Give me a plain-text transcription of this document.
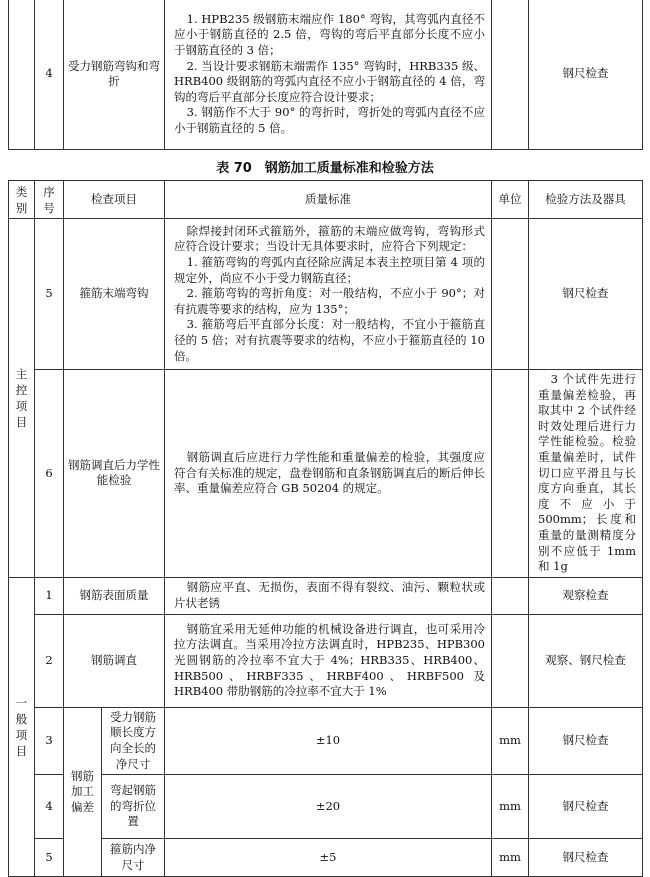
	4	受力钢筋弯钩和弯折	
1. HPB235 级钢筋末端应作 180° 弯钩，其弯弧内直径不应小于钢筋直径的 2.5 倍，弯钩的弯后平直部分长度不应小于钢筋直径的 3 倍；
2. 当设计要求钢筋末端需作 135° 弯钩时，HRB335 级、HRB400 级钢筋的弯弧内直径不应小于钢筋直径的 4 倍，弯钩的弯后平直部分长度应符合设计要求；
3. 钢筋作不大于 90° 的弯折时，弯折处的弯弧内直径不应小于钢筋直径的 5 倍。
		钢尺检查
表 70　钢筋加工质量标准和检验方法
类别	序号	检查项目		质量标准	单位	检验方法及器具

主控项目	5	箍筋末端弯钩		除焊接封闭环式箍筋外，箍筋的末端应做弯钩，弯钩形式应符合设计要求；当设计无具体要求时，应符合下列规定：
1. 箍筋弯钩的弯弧内直径除应满足本表主控项目第 4 项的规定外，尚应不小于受力钢筋直径；
2. 箍筋弯钩的弯折角度：对一般结构，不应小于 90°；对有抗震等要求的结构，应为 135°；
3. 箍筋弯后平直部分长度：对一般结构，不宜小于箍筋直径的 5 倍；对有抗震等要求的结构，不应小于箍筋直径的 10 倍。		钢尺检查
	6	钢筋调直后力学性能检验		钢筋调直后应进行力学性能和重量偏差的检验，其强度应符合有关标准的规定，盘卷钢筋和直条钢筋调直后的断后伸长率、重量偏差应符合 GB 50204 的规定。		3 个试件先进行重量偏差检验，再取其中 2 个试件经时效处理后进行力学性能检验。检验重量偏差时，试件切口应平滑且与长度方向垂直，其长度不应小于 500mm；长度和重量的量测精度分别不应低于 1mm 和 1g

一般项目	1	钢筋表面质量		钢筋应平直、无损伤，表面不得有裂纹、油污、颗粒状或片状老锈		观察检查
	2	钢筋调直		钢筋宜采用无延伸功能的机械设备进行调直，也可采用冷拉方法调直。当采用冷拉方法调直时，HPB235、HPB300 光圆钢筋的冷拉率不宜大于 4%；HRB335、HRB400、HRB500、HRBF335、HRBF400、HRBF500 及 HRB400 带肋钢筋的冷拉率不宜大于 1%		观察、钢尺检查
	3	钢筋加工偏差	受力钢筋顺长度方向全长的净尺寸	±10	mm	钢尺检查
	4		弯起钢筋的弯折位置	±20	mm	钢尺检查
	5		箍筋内净尺寸	±5	mm	钢尺检查
